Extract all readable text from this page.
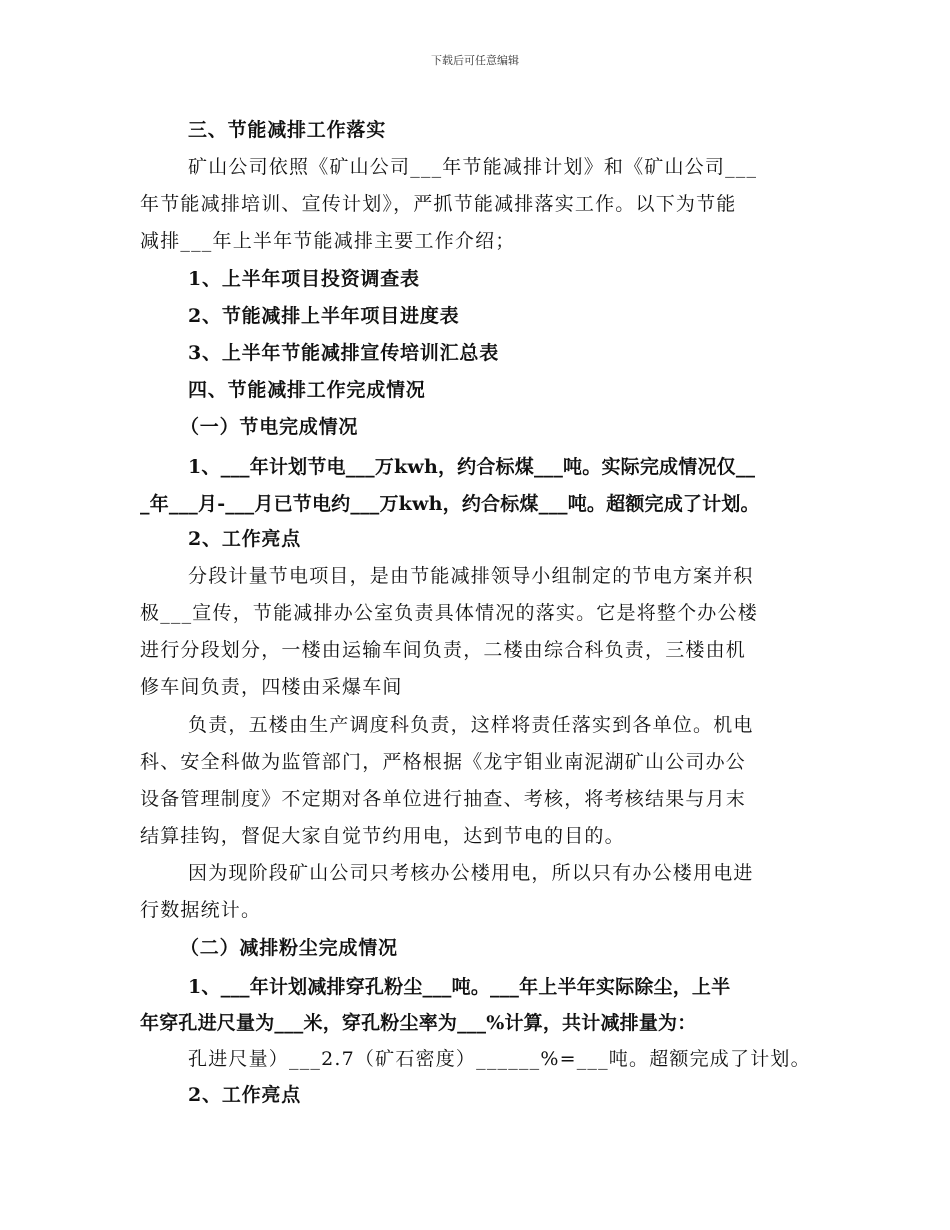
下载后可任意编辑
三、节能减排工作落实
矿山公司依照《矿山公司___年节能减排计划》和《矿山公司___
年节能减排培训、宣传计划》，严抓节能减排落实工作。以下为节能
减排___年上半年节能减排主要工作介绍；
1、上半年项目投资调查表
2、节能减排上半年项目进度表
3、上半年节能减排宣传培训汇总表
四、节能减排工作完成情况
（一）节电完成情况
1、___年计划节电___万kwh，约合标煤___吨。实际完成情况仅__
_年___月-___月已节电约___万kwh，约合标煤___吨。超额完成了计划。
2、工作亮点
分段计量节电项目，是由节能减排领导小组制定的节电方案并积
极___宣传，节能减排办公室负责具体情况的落实。它是将整个办公楼
进行分段划分，一楼由运输车间负责，二楼由综合科负责，三楼由机
修车间负责，四楼由采爆车间
负责，五楼由生产调度科负责，这样将责任落实到各单位。机电
科、安全科做为监管部门，严格根据《龙宇钼业南泥湖矿山公司办公
设备管理制度》不定期对各单位进行抽查、考核，将考核结果与月末
结算挂钩，督促大家自觉节约用电，达到节电的目的。
因为现阶段矿山公司只考核办公楼用电，所以只有办公楼用电进
行数据统计。
（二）减排粉尘完成情况
1、___年计划减排穿孔粉尘___吨。___年上半年实际除尘，上半
年穿孔进尺量为___米，穿孔粉尘率为___%计算，共计减排量为：
孔进尺量）___2.7（矿石密度）______%=___吨。超额完成了计划。
2、工作亮点
